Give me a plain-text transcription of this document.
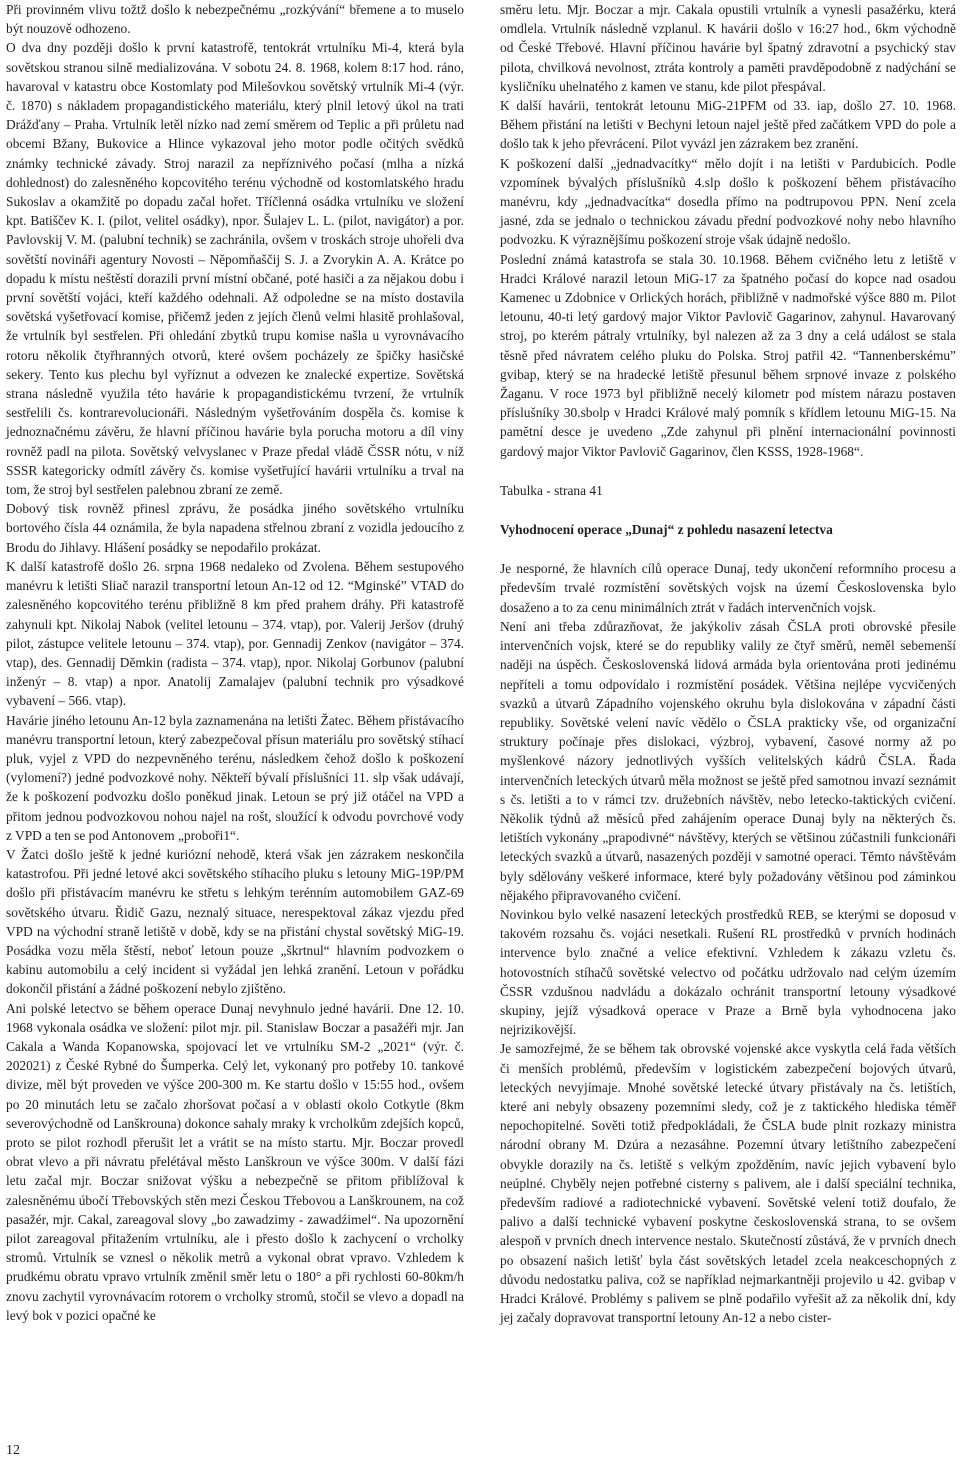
Při provinném vlivu tožtž došlo k nebezpečnému „rozkývání“ břemene a to muselo být nouzově odhozeno.

O dva dny později došlo k první katastrofě, tentokrát vrtulníku Mi-4, která byla sovětskou stranou silně medializována. V sobotu 24. 8. 1968, kolem 8:17 hod. ráno, havaroval v katastru obce Kostomlaty pod Milešovkou sovětský vrtulník Mi-4 (výr. č. 1870) s nákladem propagandistického materiálu, který plnil letový úkol na trati Drážďany – Praha. Vrtulník letěl nízko nad zemí směrem od Teplic a při průletu nad obcemi Bžany, Bukovice a Hlince vykazoval jeho motor podle očitých svědků známky technické závady. Stroj narazil za nepříznivého počasí (mlha a nízká dohlednost) do zalesněného kopcovitého terénu východně od kostomlatského hradu Sukoslav a okamžitě po dopadu začal hořet. Tříčlenná osádka vrtulníku ve složení kpt. Batiščev K. I. (pilot, velitel osádky), npor. Šulajev L. L. (pilot, navigátor) a por. Pavlovskij V. M. (palubní technik) se zachránila, ovšem v troskách stroje uhořeli dva sovětští novináři agentury Novosti – Něpomňaščij S. J. a Zvorykin A. A. Krátce po dopadu k místu neštěstí dorazili první místní občané, poté hasiči a za nějakou dobu i první sovětští vojáci, kteří každého odehnali. Až odpoledne se na místo dostavila sovětská vyšetřovací komise, přičemž jeden z jejích členů velmi hlasitě prohlašoval, že vrtulník byl sestřelen. Při ohledání zbytků trupu komise našla u vyrovnávacího rotoru několik čtyřhranných otvorů, které ovšem pocházely ze špičky hasičské sekery. Tento kus plechu byl vyříznut a odvezen ke znalecké expertize. Sovětská strana následně využila této havárie k propagandistickému tvrzení, že vrtulník sestřelili čs. kontrarevolucionáři. Následným vyšetřováním dospěla čs. komise k jednoznačnému závěru, že hlavní příčinou havárie byla porucha motoru a díl viny rovněž padl na pilota. Sovětský velvyslanec v Praze předal vládě ČSSR nótu, v níž SSSR kategoricky odmítl závěry čs. komise vyšetřující havárii vrtulníku a trval na tom, že stroj byl sestřelen palebnou zbraní ze země.

Dobový tisk rovněž přinesl zprávu, že posádka jiného sovětského vrtulníku bortového čísla 44 oznámila, že byla napadena střelnou zbraní z vozidla jedoucího z Brodu do Jihlavy. Hlášení posádky se nepodařilo prokázat.

K další katastrofě došlo 26. srpna 1968 nedaleko od Zvolena. Během sestupového manévru k letišti Sliač narazil transportní letoun An-12 od 12. “Mginské” VTAD do zalesněného kopcovitého terénu přibližně 8 km před prahem dráhy. Při katastrofě zahynuli kpt. Nikolaj Nabok (velitel letounu – 374. vtap), por. Valerij Jeršov (druhý pilot, zástupce velitele letounu – 374. vtap), por. Gennadij Zenkov (navigátor – 374. vtap), des. Gennadij Dĕmkin (radista – 374. vtap), npor. Nikolaj Gorbunov (palubní inženýr – 8. vtap) a npor. Anatolij Zamalajev (palubní technik pro výsadkové vybavení – 566. vtap).

Havárie jiného letounu An-12 byla zaznamenána na letišti Žatec. Během přistávacího manévru transportní letoun, který zabezpečoval přísun materiálu pro sovětský stíhací pluk, vyjel z VPD do nezpevněného terénu, následkem čehož došlo k poškození (vylomení?) jedné podvozkové nohy. Někteří bývalí příslušníci 11. slp však udávají, že k poškození podvozku došlo poněkud jinak. Letoun se prý již otáčel na VPD a přitom jednou podvozkovou nohou najel na rošt, sloužící k odvodu povrchové vody z VPD a ten se pod Antonovem „proboři1“.

V Žatci došlo ještě k jedné kuriózní nehodě, která však jen zázrakem neskončila katastrofou. Při jedné letové akci sovětského stíhacího pluku s letouny MiG-19P/PM došlo při přistávacím manévru ke střetu s lehkým terénním automobilem GAZ-69 sovětského útvaru. Řidič Gazu, neznalý situace, nerespektoval zákaz vjezdu před VPD na východní straně letiště v době, kdy se na přistání chystal sovětský MiG-19. Posádka vozu měla štěstí, neboť letoun pouze „škrtnul“ hlavním podvozkem o kabinu automobilu a celý incident si vyžádal jen lehká zranění. Letoun v pořádku dokončil přistání a žádné poškození nebylo zjištěno.

Ani polské letectvo se během operace Dunaj nevyhnulo jedné havárii. Dne 12. 10. 1968 vykonala osádka ve složení: pilot mjr. pil. Stanislaw Boczar a pasažéři mjr. Jan Cakala a Wanda Kopanowska, spojovací let ve vrtulníku SM-2 „2021“ (výr. č. 202021) z České Rybné do Šumperka. Celý let, vykonaný pro potřeby 10. tankové divize, měl být proveden ve výšce 200-300 m. Ke startu došlo v 15:55 hod., ovšem po 20 minutách letu se začalo zhoršovat počasí a v oblasti okolo Cotkytle (8km severovýchodně od Lanškrouna) dokonce sahaly mraky k vrcholkům zdejších kopců, proto se pilot rozhodl přerušit let a vrátit se na místo startu. Mjr. Boczar provedl obrat vlevo a při návratu přelétával město Lanškroun ve výšce 300m. V další fázi letu začal mjr. Boczar snižovat výšku a nebezpečně se přitom přiblížoval k zalesněnému úbočí Třebovských stěn mezi Českou Třebovou a Lanškrounem, na což pasažér, mjr. Cakal, zareagoval slovy „bo zawadzimy - zawadźimel“. Na upozornění pilot zareagoval přitažením vrtulníku, ale i přesto došlo k zachycení o vrcholky stromů. Vrtulník se vznesl o několik metrů a vykonal obrat vpravo. Vzhledem k prudkému obratu vpravo vrtulník změnil směr letu o 180° a při rychlosti 60-80km/h znovu zachytil vyrovnávacím rotorem o vrcholky stromů, stočil se vlevo a dopadl na levý bok v pozici opačné ke

směru letu. Mjr. Boczar a mjr. Cakala opustili vrtulník a vynesli pasažérku, která omdlela. Vrtulník následně vzplanul. K havárii došlo v 16:27 hod., 6km východně od České Třebové. Hlavní příčinou havárie byl špatný zdravotní a psychický stav pilota, chvilková nevolnost, ztráta kontroly a paměti pravděpodobně z nadýchání se kysličníku uhelnatého z kamen ve stanu, kde pilot přespával.

K další havárii, tentokrát letounu MiG-21PFM od 33. iap, došlo 27. 10. 1968. Během přistání na letišti v Bechyni letoun najel ještě před začátkem VPD do pole a došlo tak k jeho převrácení. Pilot vyvázl jen zázrakem bez zranění.

K poškození další „jednadvacítky“ mělo dojít i na letišti v Pardubicích. Podle vzpomínek bývalých příslušníků 4.slp došlo k poškození během přistávacího manévru, kdy „jednadvacítka“ dosedla přímo na podtrupovou PPN. Není zcela jasné, zda se jednalo o technickou závadu přední podvozkové nohy nebo hlavního podvozku. K výraznějšímu poškození stroje však údajně nedošlo.

Poslední známá katastrofa se stala 30. 10.1968. Během cvičného letu z letiště v Hradci Králové narazil letoun MiG-17 za špatného počasí do kopce nad osadou Kamenec u Zdobnice v Orlických horách, přibližně v nadmořské výšce 880 m. Pilot letounu, 40-ti letý gardový major Viktor Pavlovič Gagarinov, zahynul. Havarovaný stroj, po kterém pátraly vrtulníky, byl nalezen až za 3 dny a celá událost se stala těsně před návratem celého pluku do Polska. Stroj patřil 42. “Tannenberskému” gvibap, který se na hradecké letiště přesunul během srpnové invaze z polského Žaganu. V roce 1973 byl přibližně necelý kilometr pod místem nárazu postaven příslušníky 30.sbolp v Hradci Králové malý pomník s křídlem letounu MiG-15. Na pamětní desce je uvedeno „Zde zahynul při plnění internacionální povinnosti gardový major Viktor Pavlovič Gagarinov, člen KSSS, 1928-1968“.

Tabulka - strana 41

Vyhodnocení operace „Dunaj“ z pohledu nasazení letectva

Je nesporné, že hlavních cílů operace Dunaj, tedy ukončení reformního procesu a především trvalé rozmístění sovětských vojsk na území Československa bylo dosaženo a to za cenu minimálních ztrát v řadách intervenčních vojsk.

Není ani třeba zdůrazňovat, že jakýkoliv zásah ČSLA proti obrovské přesile intervenčních vojsk, které se do republiky valily ze čtyř směrů, neměl sebemenší naději na úspěch. Československá lidová armáda byla orientována proti jedinému nepříteli a tomu odpovídalo i rozmístění posádek. Většina nejlépe vycvičených svazků a útvarů Západního vojenského okruhu byla dislokována v západní části republiky. Sovětské velení navíc vědělo o ČSLA prakticky vše, od organizační struktury počínaje přes dislokaci, výzbroj, vybavení, časové normy až po myšlenkové názory jednotlivých vyšších velitelských kádrů ČSLA. Řada intervenčních leteckých útvarů měla možnost se ještě před samotnou invazí seznámit s čs. letišti a to v rámci tzv. družebních návštěv, nebo letecko-taktických cvičení. Několik týdnů až měsíců před zahájením operace Dunaj byly na některých čs. letištích vykonány „prapodivné“ návštěvy, kterých se většinou zúčastnili funkcionáři leteckých svazků a útvarů, nasazených později v samotné operaci. Těmto návštěvám byly sdělovány veškeré informace, které byly požadovány většinou pod záminkou nějakého připravovaného cvičení.

Novinkou bylo velké nasazení leteckých prostředků REB, se kterými se doposud v takovém rozsahu čs. vojáci nesetkali. Rušení RL prostředků v prvních hodinách intervence bylo značné a velice efektivní. Vzhledem k zákazu vzletu čs. hotovostních stíhačů sovětské velectvo od počátku udržovalo nad celým územím ČSSR vzdušnou nadvládu a dokázalo ochránit transportní letouny výsadkové skupiny, jejíž výsadková operace v Praze a Brně byla vyhodnocena jako nejrizikovější.

Je samozřejmé, že se během tak obrovské vojenské akce vyskytla celá řada větších či menších problémů, především v logistickém zabezpečení bojových útvarů, leteckých nevyjímaje. Mnohé sovětské letecké útvary přistávaly na čs. letištích, které ani nebyly obsazeny pozemními sledy, což je z taktického hlediska téměř nepochopitelné. Sověti totiž předpokládali, že ČSLA bude plnit rozkazy ministra národní obrany M. Dzúra a nezasáhne. Pozemní útvary letištního zabezpečení obvykle dorazily na čs. letiště s velkým zpožděním, navíc jejich vybavení bylo neúplné. Chyběly nejen potřebné cisterny s palivem, ale i další speciální technika, především radiové a radiotechnické vybavení. Sovětské velení totiž doufalo, že palivo a další technické vybavení poskytne československá strana, to se ovšem alespoň v prvních dnech intervence nestalo. Skutečností zůstává, že v prvních dnech po obsazení našich letišť byla část sovětských letadel zcela neakceschopných z důvodu nedostatku paliva, což se například nejmarkantněji projevilo u 42. gvibap v Hradci Králové. Problémy s palivem se plně podařilo vyřešit až za několik dní, kdy jej začaly dopravovat transportní letouny An-12 a nebo cister-

12
